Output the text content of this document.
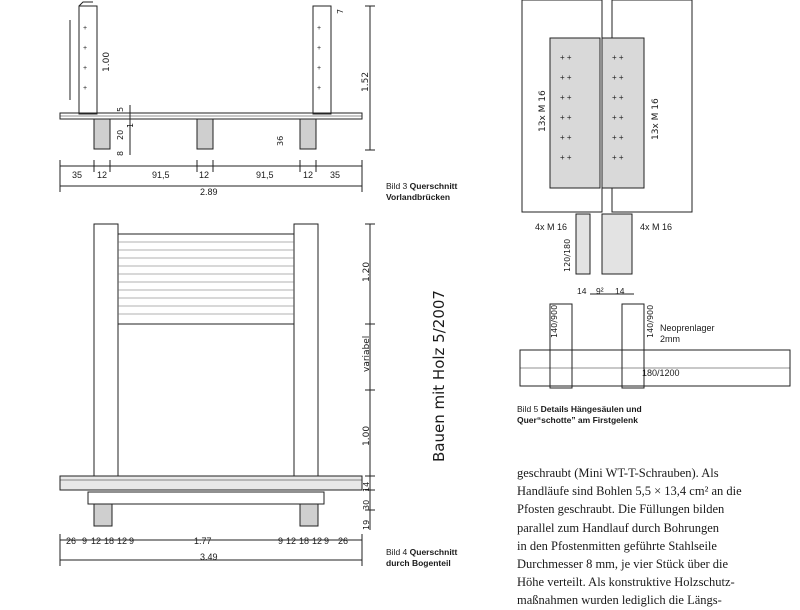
+
+
+
+
+
+
+
+
35 12	91,5	12	91,5	12 35
2.89
1.00
1.52
5
20
8
1
7
36
Bild 3 Querschnitt
Vorlandbrücken
26 9 12 18 12 9	1.77	9 12 18 12 9 26
3.49
1.20
variabel
1.00
14
30
19
Bild 4 Querschnitt
durch Bogenteil
Bauen mit Holz 5/2007
+ +
+ +
+ +
+ +
+ +
+ +
+ +
+ +
+ +
+ +
+ +
+ +
13x M 16	13x M 16
4x M 16	4x M 16
120/180
14 9² 14
140/900	140/900 Neoprenlager
2mm
180/1200
Bild 5 Details Hängesäulen und
Quer“schotte” am Firstgelenk

geschraubt (Mini WT-T-Schrauben). Als

Handläufe sind Bohlen 5,5 × 13,4 cm² an die

Pfosten geschraubt. Die Füllungen bilden

parallel zum Handlauf durch Bohrungen

in den Pfostenmitten geführte Stahlseile

Durchmesser 8 mm, je vier Stück über die

Höhe verteilt. Als konstruktive Holzschutz-

maßnahmen wurden lediglich die Längs-
